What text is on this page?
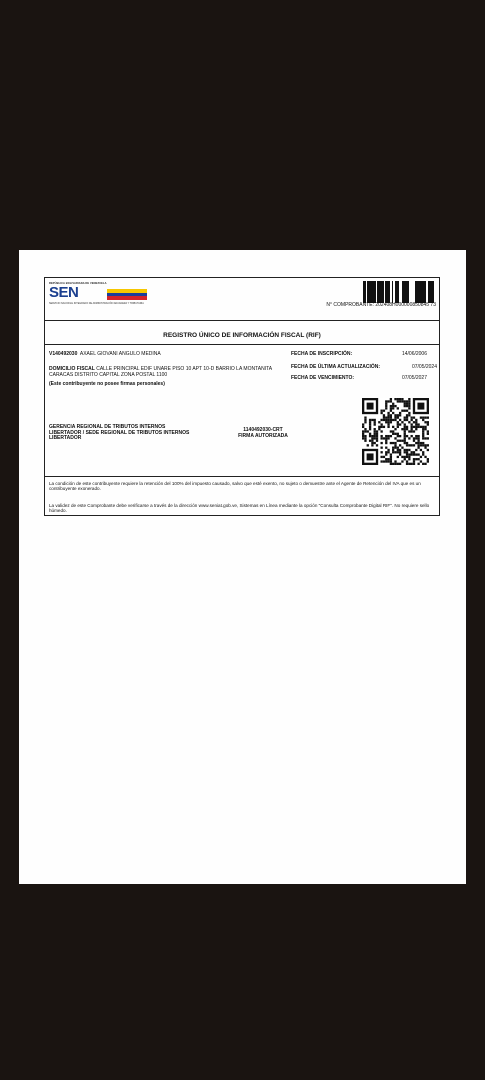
REPÚBLICA BOLIVARIANA DE VENEZUELA
SEN
SERVICIO NACIONAL INTEGRADO DE ADMINISTRACIÓN ADUANERA Y TRIBUTARIA	N° COMPROBANTE: 202408H000000850845 73
REGISTRO ÚNICO DE INFORMACIÓN FISCAL (RIF)
V140492030 AXAEL GIOVANI ANGULO MEDINA
DOMICILIO FISCAL CALLE PRINCIPAL EDIF UNARE PISO 10 APT 10-D BARRIO LA MONTANITA CARACAS DISTRITO CAPITAL ZONA POSTAL 1100
(Este contribuyente no posee firmas personales)
FECHA DE INSCRIPCIÓN:	14/06/2006
FECHA DE ÚLTIMA ACTUALIZACIÓN:	07/05/2024
FECHA DE VENCIMIENTO:	07/05/2027
GERENCIA REGIONAL DE TRIBUTOS INTERNOS LIBERTADOR / SEDE REGIONAL DE TRIBUTOS INTERNOS LIBERTADOR
1140492030-CRT
FIRMA AUTORIZADA
La condición de este contribuyente requiere la retención del 100% del impuesto causado, salvo que esté exento, no sujeto o demuestre ante el Agente de Retención del IVA que es un contribuyente exonerado.
La validez de este Comprobante debe verificarse a través de la dirección www.seniat.gob.ve, Sistemas en Línea mediante la opción "Consulta Comprobante Digital RIF". No requiere sello húmedo.
